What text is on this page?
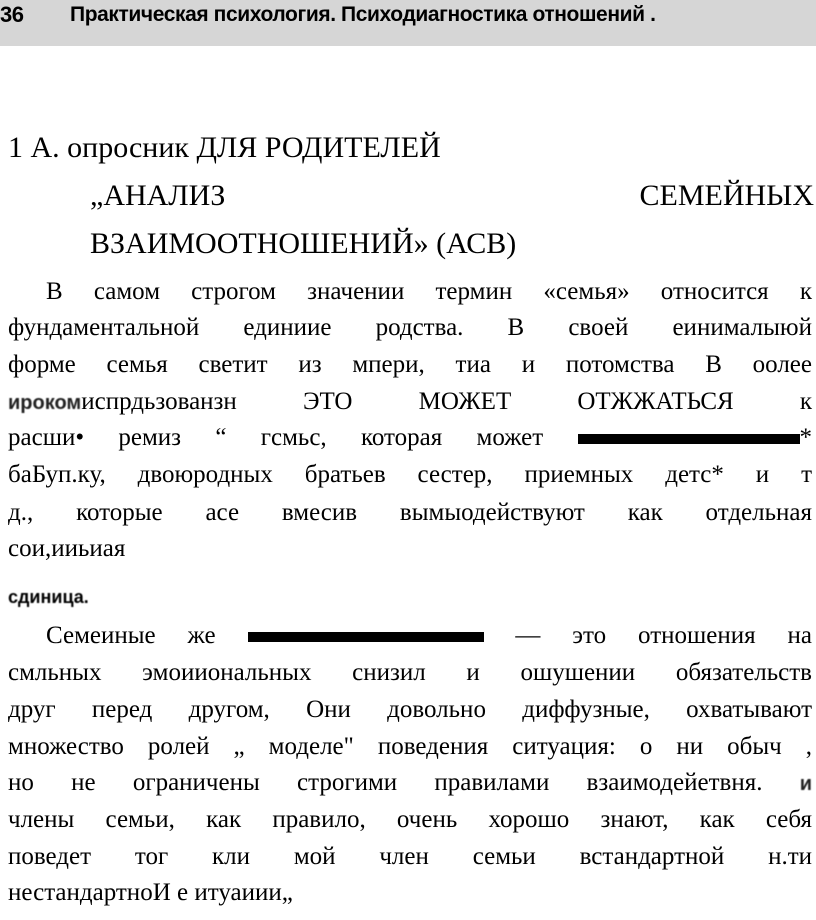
36 Практическая психология. Психодиагностика отношений .
1 А. опросник ДЛЯ РОДИТЕЛЕЙ
„АНАЛИЗ	СЕМЕЙНЫХ
ВЗАИМООТНОШЕНИЙ» (АСВ)
В самом строгом значении термин «семья» относится к
фундаментальной единиие родства. В своей еинималыюй
форме семья светит из мпери, тиа и потомства В оолее
ирокомиспрдьзованзн ЭТО МОЖЕТ ОТЖЖАТЬСЯ к
расши• ремиз “ гсмьс, которая может	*
баБуп.ку, двоюродных братьев сестер, приемных детс* и т
д., которые асе вмесив вымыодействуют как отдельная
сои,ииьиая
сдиница.
Семеиные же	— это отношения на
смльных эмоииональных снизил и ошушении обязательств
друг перед другом, Они довольно диффузные, охватывают
множество ролей „ моделе" поведения ситуация: о ни обыч ,
но не ограничены строгими правилами взаимодейетвня. и
члены семьи, как правило, очень хорошо знают, как себя
поведет тог кли мой член семьи встандартной н.ти
нестандартноИ е итуаиии„
